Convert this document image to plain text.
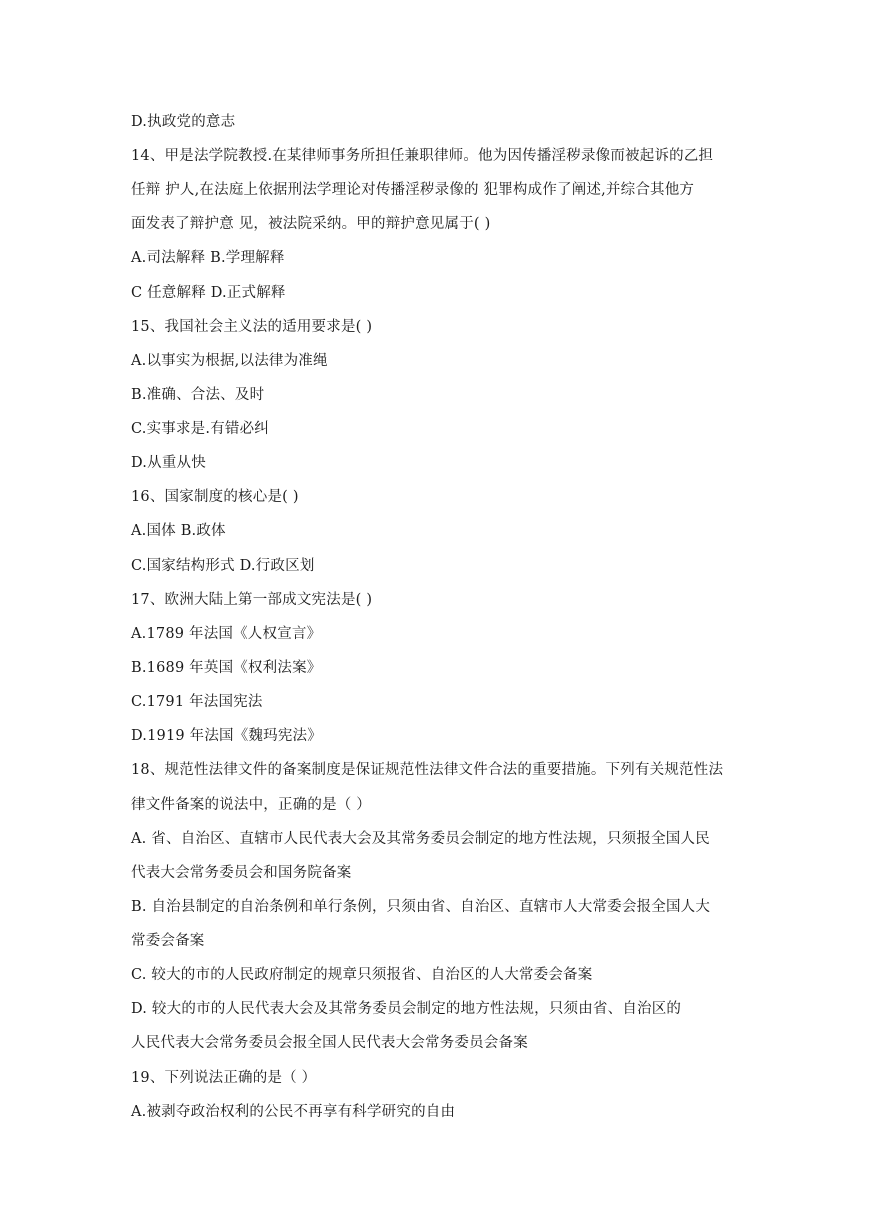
D.执政党的意志
14、甲是法学院教授.在某律师事务所担任兼职律师。他为因传播淫秽录像而被起诉的乙担
任辩 护人,在法庭上依据刑法学理论对传播淫秽录像的 犯罪构成作了阐述,并综合其他方
面发表了辩护意 见，被法院采纳。甲的辩护意见属于( )
A.司法解释 B.学理解释
C 任意解释 D.正式解释
15、我国社会主义法的适用要求是( )
A.以事实为根据,以法律为准绳
B.准确、合法、及时
C.实事求是.有错必纠
D.从重从快
16、国家制度的核心是( )
A.国体 B.政体
C.国家结构形式 D.行政区划
17、欧洲大陆上第一部成文宪法是( )
A.1789 年法国《人权宣言》
B.1689 年英国《权利法案》
C.1791 年法国宪法
D.1919 年法国《魏玛宪法》
18、规范性法律文件的备案制度是保证规范性法律文件合法的重要措施。下列有关规范性法
律文件备案的说法中，正确的是（ ）
A. 省、自治区、直辖市人民代表大会及其常务委员会制定的地方性法规，只须报全国人民
代表大会常务委员会和国务院备案
B. 自治县制定的自治条例和单行条例，只须由省、自治区、直辖市人大常委会报全国人大
常委会备案
C. 较大的市的人民政府制定的规章只须报省、自治区的人大常委会备案
D. 较大的市的人民代表大会及其常务委员会制定的地方性法规，只须由省、自治区的
人民代表大会常务委员会报全国人民代表大会常务委员会备案
19、下列说法正确的是（ ）
A.被剥夺政治权利的公民不再享有科学研究的自由
